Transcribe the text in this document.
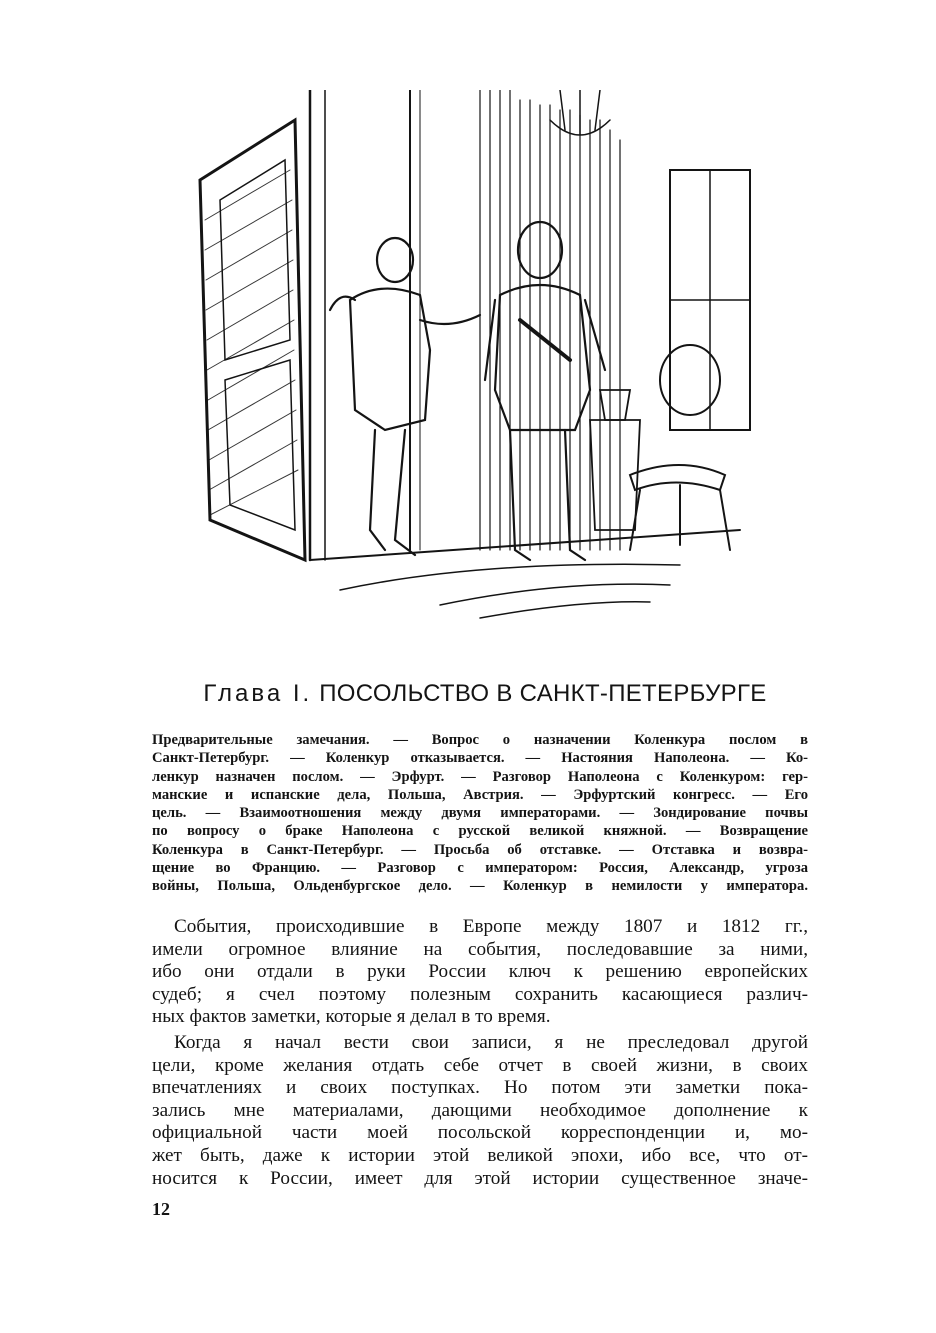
Глава I. ПОСОЛЬСТВО В САНКТ-ПЕТЕРБУРГЕ
Предварительные замечания. — Вопрос о назначении Коленкура послом в
Санкт-Петербург. — Коленкур отказывается. — Настояния Наполеона. — Ко-
ленкур назначен послом. — Эрфурт. — Разговор Наполеона с Коленкуром: гер-
манские и испанские дела, Польша, Австрия. — Эрфуртский конгресс. — Его
цель. — Взаимоотношения между двумя императорами. — Зондирование почвы
по вопросу о браке Наполеона с русской великой княжной. — Возвращение
Коленкура в Санкт-Петербург. — Просьба об отставке. — Отставка и возвра-
щение во Францию. — Разговор с императором: Россия, Александр, угроза
войны, Польша, Ольденбургское дело. — Коленкур в немилости у императора.
События, происходившие в Европе между 1807 и 1812 гг.,
имели огромное влияние на события, последовавшие за ними,
ибо они отдали в руки России ключ к решению европейских
судеб; я счел поэтому полезным сохранить касающиеся различ-
ных фактов заметки, которые я делал в то время.
Когда я начал вести свои записи, я не преследовал другой
цели, кроме желания отдать себе отчет в своей жизни, в своих
впечатлениях и своих поступках. Но потом эти заметки пока-
зались мне материалами, дающими необходимое дополнение к
официальной части моей посольской корреспонденции и, мо-
жет быть, даже к истории этой великой эпохи, ибо все, что от-
носится к России, имеет для этой истории существенное значе-
12
